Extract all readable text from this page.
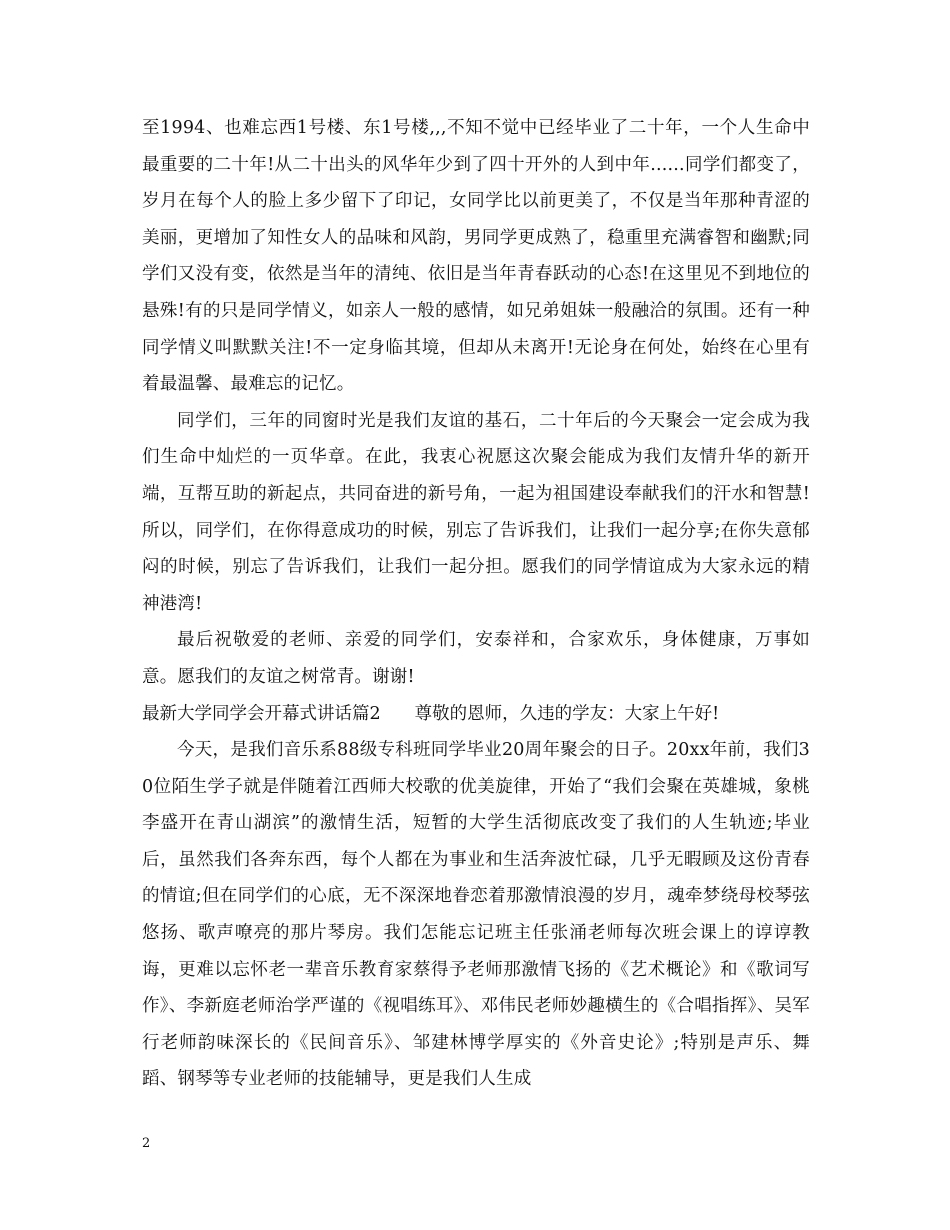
至1994、也难忘西1号楼、东1号楼,,,不知不觉中已经毕业了二十年，一个人生命中最重要的二十年!从二十出头的风华年少到了四十开外的人到中年......同学们都变了，岁月在每个人的脸上多少留下了印记，女同学比以前更美了，不仅是当年那种青涩的美丽，更增加了知性女人的品味和风韵，男同学更成熟了，稳重里充满睿智和幽默;同学们又没有变，依然是当年的清纯、依旧是当年青春跃动的心态!在这里见不到地位的悬殊!有的只是同学情义，如亲人一般的感情，如兄弟姐妹一般融洽的氛围。还有一种同学情义叫默默关注!不一定身临其境，但却从未离开!无论身在何处，始终在心里有着最温馨、最难忘的记忆。

同学们，三年的同窗时光是我们友谊的基石，二十年后的今天聚会一定会成为我们生命中灿烂的一页华章。在此，我衷心祝愿这次聚会能成为我们友情升华的新开端，互帮互助的新起点，共同奋进的新号角，一起为祖国建设奉献我们的汗水和智慧!所以，同学们，在你得意成功的时候，别忘了告诉我们，让我们一起分享;在你失意郁闷的时候，别忘了告诉我们，让我们一起分担。愿我们的同学情谊成为大家永远的精神港湾!

最后祝敬爱的老师、亲爱的同学们，安泰祥和，合家欢乐，身体健康，万事如意。愿我们的友谊之树常青。谢谢!

最新大学同学会开幕式讲话篇2 尊敬的恩师，久违的学友：大家上午好!

今天，是我们音乐系88级专科班同学毕业20周年聚会的日子。20xx年前，我们30位陌生学子就是伴随着江西师大校歌的优美旋律，开始了“我们会聚在英雄城，象桃李盛开在青山湖滨”的激情生活，短暂的大学生活彻底改变了我们的人生轨迹;毕业后，虽然我们各奔东西，每个人都在为事业和生活奔波忙碌，几乎无暇顾及这份青春的情谊;但在同学们的心底，无不深深地眷恋着那激情浪漫的岁月，魂牵梦绕母校琴弦悠扬、歌声嘹亮的那片琴房。我们怎能忘记班主任张涌老师每次班会课上的谆谆教诲，更难以忘怀老一辈音乐教育家蔡得予老师那激情飞扬的《艺术概论》和《歌词写作》、李新庭老师治学严谨的《视唱练耳》、邓伟民老师妙趣横生的《合唱指挥》、吴军行老师韵味深长的《民间音乐》、邹建林博学厚实的《外音史论》;特别是声乐、舞蹈、钢琴等专业老师的技能辅导，更是我们人生成

2
